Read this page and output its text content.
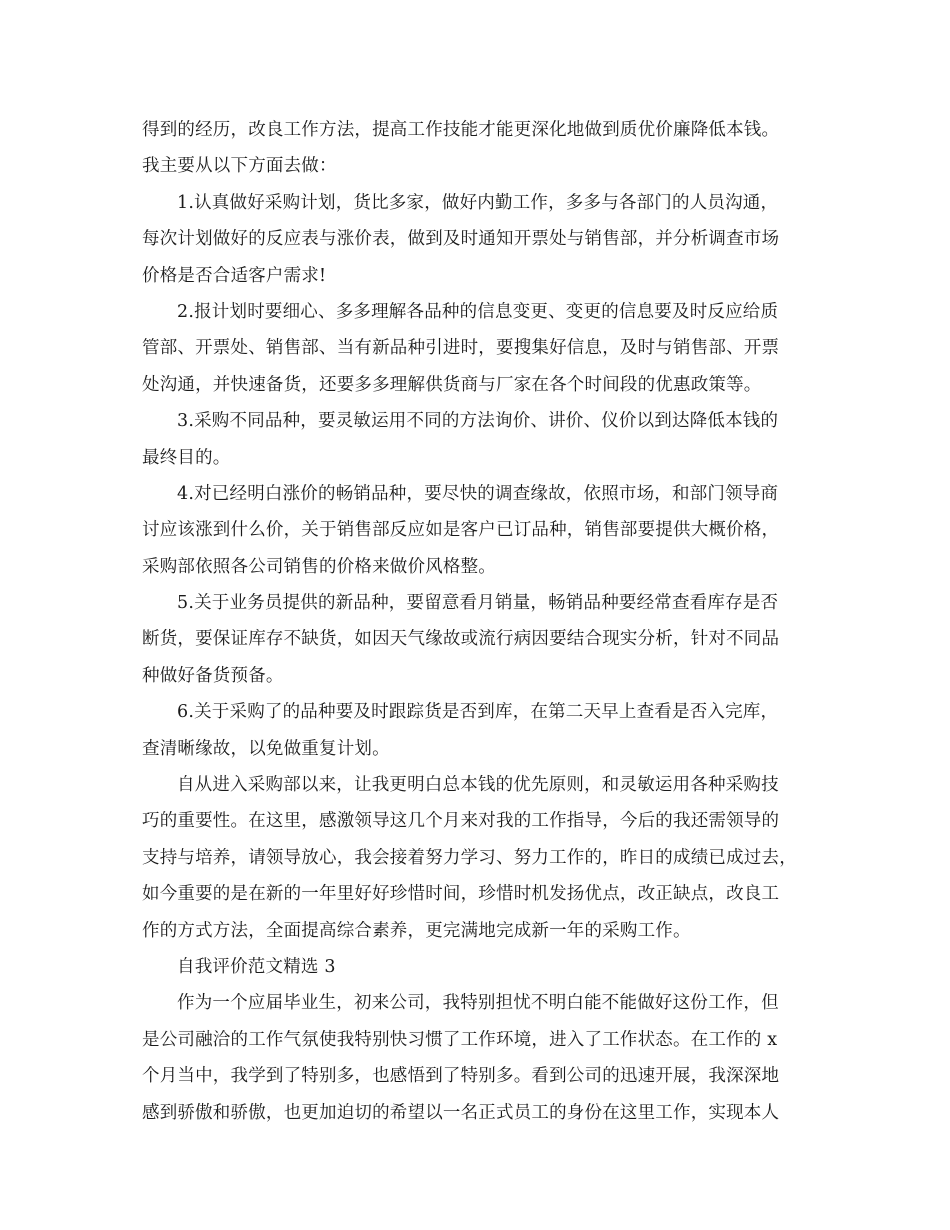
得到的经历，改良工作方法，提高工作技能才能更深化地做到质优价廉降低本钱。
我主要从以下方面去做：
1.认真做好采购计划，货比多家，做好内勤工作，多多与各部门的人员沟通，
每次计划做好的反应表与涨价表，做到及时通知开票处与销售部，并分析调查市场
价格是否合适客户需求!
2.报计划时要细心、多多理解各品种的信息变更、变更的信息要及时反应给质
管部、开票处、销售部、当有新品种引进时，要搜集好信息，及时与销售部、开票
处沟通，并快速备货，还要多多理解供货商与厂家在各个时间段的优惠政策等。
3.采购不同品种，要灵敏运用不同的方法询价、讲价、仪价以到达降低本钱的
最终目的。
4.对已经明白涨价的畅销品种，要尽快的调查缘故，依照市场，和部门领导商
讨应该涨到什么价，关于销售部反应如是客户已订品种，销售部要提供大概价格，
采购部依照各公司销售的价格来做价风格整。
5.关于业务员提供的新品种，要留意看月销量，畅销品种要经常查看库存是否
断货，要保证库存不缺货，如因天气缘故或流行病因要结合现实分析，针对不同品
种做好备货预备。
6.关于采购了的品种要及时跟踪货是否到库，在第二天早上查看是否入完库，
查清晰缘故，以免做重复计划。
自从进入采购部以来，让我更明白总本钱的优先原则，和灵敏运用各种采购技
巧的重要性。在这里，感激领导这几个月来对我的工作指导，今后的我还需领导的
支持与培养，请领导放心，我会接着努力学习、努力工作的，昨日的成绩已成过去，
如今重要的是在新的一年里好好珍惜时间，珍惜时机发扬优点，改正缺点，改良工
作的方式方法，全面提高综合素养，更完满地完成新一年的采购工作。
自我评价范文精选 3
作为一个应届毕业生，初来公司，我特别担忧不明白能不能做好这份工作，但
是公司融洽的工作气氛使我特别快习惯了工作环境，进入了工作状态。在工作的 x
个月当中，我学到了特别多，也感悟到了特别多。看到公司的迅速开展，我深深地
感到骄傲和骄傲，也更加迫切的希望以一名正式员工的身份在这里工作，实现本人
